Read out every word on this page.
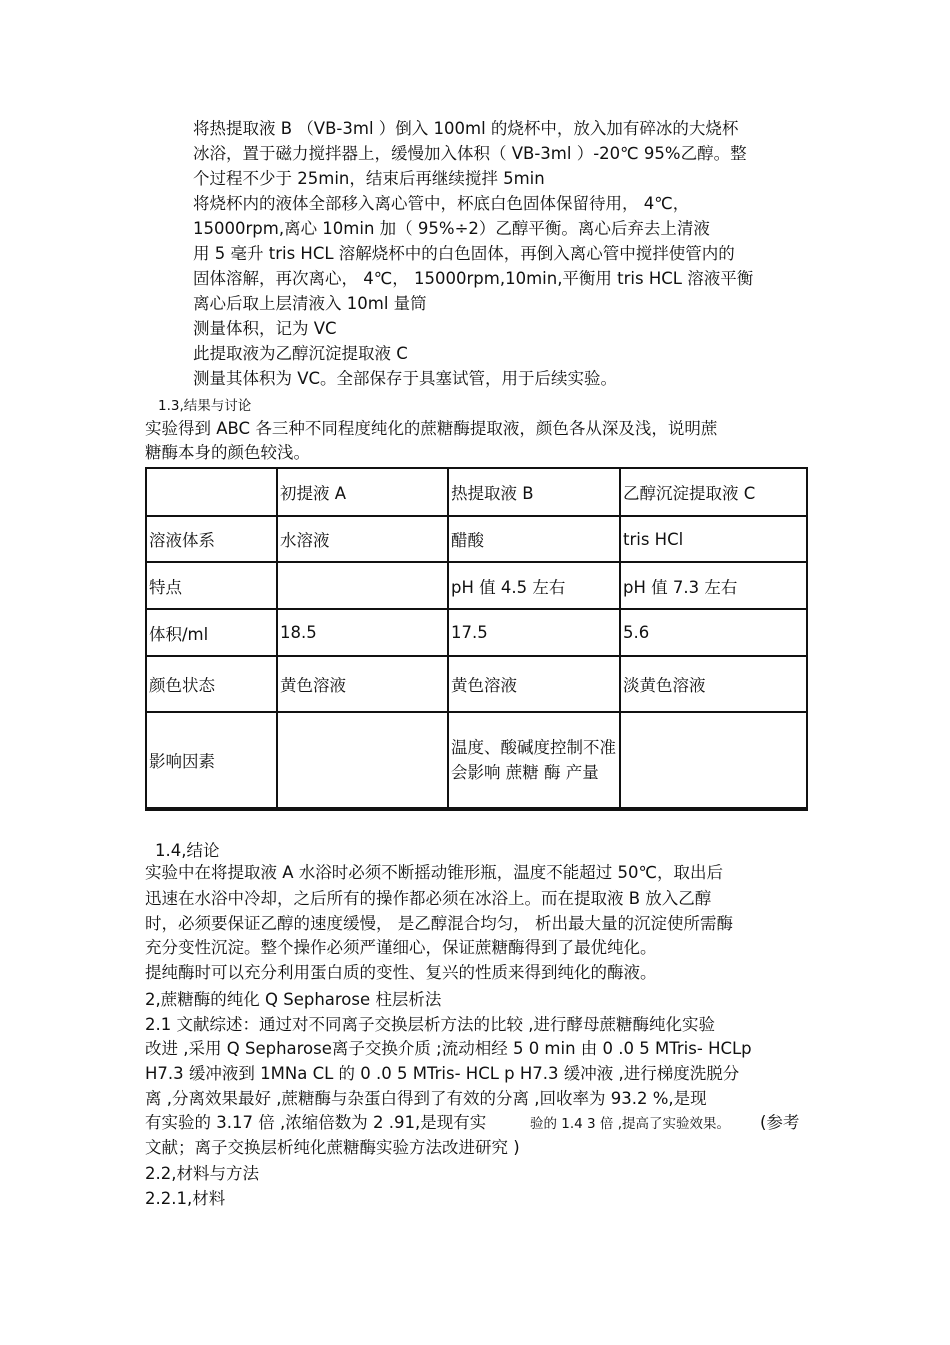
将热提取液 B （VB-3ml ）倒入 100ml 的烧杯中，放入加有碎冰的大烧杯
冰浴，置于磁力搅拌器上，缓慢加入体积（ VB-3ml ）-20℃ 95%乙醇。整
个过程不少于 25min，结束后再继续搅拌 5min
将烧杯内的液体全部移入离心管中，杯底白色固体保留待用， 4℃，
15000rpm,离心 10min 加（ 95%÷2）乙醇平衡。离心后弃去上清液
用 5 毫升 tris HCL 溶解烧杯中的白色固体，再倒入离心管中搅拌使管内的
固体溶解，再次离心， 4℃， 15000rpm,10min,平衡用 tris HCL 溶液平衡
离心后取上层清液入 10ml 量筒
测量体积，记为 VC
此提取液为乙醇沉淀提取液 C
测量其体积为 VC。全部保存于具塞试管，用于后续实验。
1.3,结果与讨论
实验得到 ABC 各三种不同程度纯化的蔗糖酶提取液，颜色各从深及浅，说明蔗
糖酶本身的颜色较浅。
	初提液 A	热提取液 B	乙醇沉淀提取液 C
溶液体系	水溶液	醋酸	tris HCl
特点		pH 值 4.5 左右	pH 值 7.3 左右
体积/ml	18.5	17.5	5.6
颜色状态	黄色溶液	黄色溶液	淡黄色溶液
影响因素		温度、酸碱度控制不准 会影响 蔗糖 酶 产量	
1.4,结论
实验中在将提取液 A 水浴时必须不断摇动锥形瓶，温度不能超过 50℃，取出后
迅速在水浴中冷却，之后所有的操作都必须在冰浴上。而在提取液 B 放入乙醇
时，必须要保证乙醇的速度缓慢， 是乙醇混合均匀， 析出最大量的沉淀使所需酶
充分变性沉淀。整个操作必须严谨细心，保证蔗糖酶得到了最优纯化。
提纯酶时可以充分利用蛋白质的变性、复兴的性质来得到纯化的酶液。
2,蔗糖酶的纯化 Q Sepharose 柱层析法
2.1 文献综述：通过对不同离子交换层析方法的比较 ,进行酵母蔗糖酶纯化实验
改进 ,采用 Q Sepharose离子交换介质 ;流动相经 5 0 min 由 0 .0 5 MTris- HCLp
H7.3 缓冲液到 1MNa CL 的 0 .0 5 MTris- HCL p H7.3 缓冲液 ,进行梯度洗脱分
离 ,分离效果最好 ,蔗糖酶与杂蛋白得到了有效的分离 ,回收率为 93.2 %,是现
有实验的 3.17 倍 ,浓缩倍数为 2 .91,是现有实	验的 1.4 3 倍 ,提高了实验效果。 (参考
文献；离子交换层析纯化蔗糖酶实验方法改进研究 )
2.2,材料与方法
2.2.1,材料
